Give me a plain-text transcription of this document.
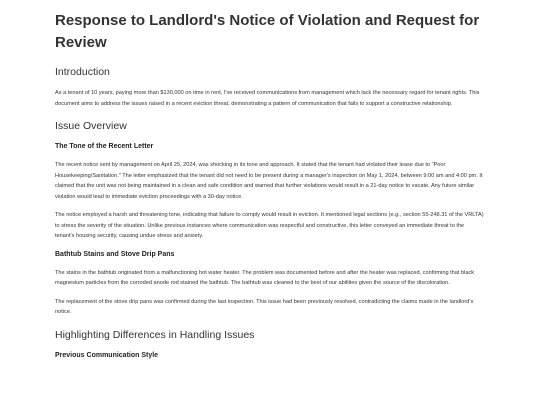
Response to Landlord's Notice of Violation and Request for Review
Introduction

As a tenant of 10 years, paying more than $130,000 on time in rent, I've received communications from management which lack the necessary regard for tenant rights. This document aims to address the issues raised in a recent eviction threat, demonstrating a pattern of communication that fails to support a constructive relationship.

Issue Overview
The Tone of the Recent Letter

The recent notice sent by management on April 25, 2024, was shocking in its tone and approach. It stated that the tenant had violated their lease due to "Poor Housekeeping/Sanitation." The letter emphasized that the tenant did not need to be present during a manager's inspection on May 1, 2024, between 9:00 am and 4:00 pm. It claimed that the unit was not being maintained in a clean and safe condition and warned that further violations would result in a 21-day notice to vacate. Any future similar violation would lead to immediate eviction proceedings with a 30-day notice.

The notice employed a harsh and threatening tone, indicating that failure to comply would result in eviction. It mentioned legal sections (e.g., section 55-248.31 of the VRLTA) to stress the severity of the situation. Unlike previous instances where communication was respectful and constructive, this letter conveyed an immediate threat to the tenant's housing security, causing undue stress and anxiety.

Bathtub Stains and Stove Drip Pans

The stains in the bathtub originated from a malfunctioning hot water heater. The problem was documented before and after the heater was replaced, confirming that black magnesium particles from the corroded anode rod stained the bathtub. The bathtub was cleaned to the best of our abilities given the source of the discoloration.

The replacement of the stove drip pans was confirmed during the last inspection. This issue had been previously resolved, contradicting the claims made in the landlord's notice.

Highlighting Differences in Handling Issues
Previous Communication Style
